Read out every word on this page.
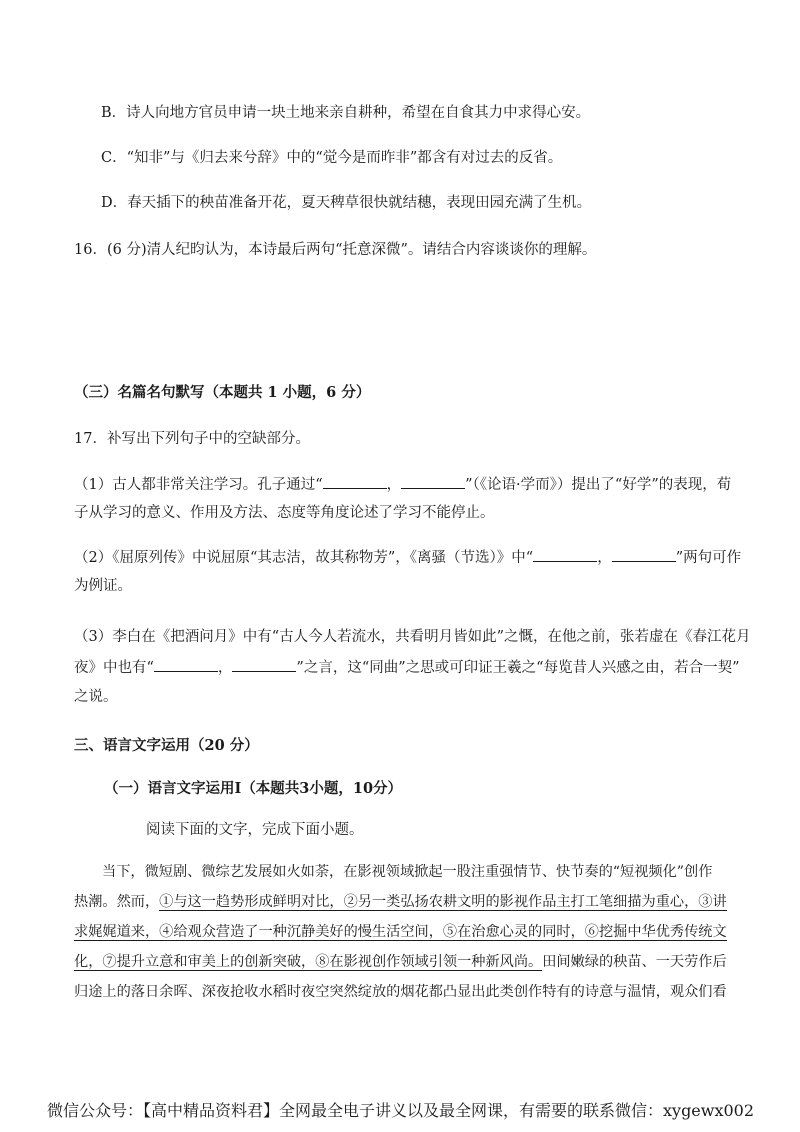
B．诗人向地方官员申请一块土地来亲自耕种，希望在自食其力中求得心安。
C．“知非”与《归去来兮辞》中的“觉今是而昨非”都含有对过去的反省。
D．春天插下的秧苗准备开花，夏天稗草很快就结穗，表现田园充满了生机。
16．(6 分)清人纪昀认为，本诗最后两句“托意深微”。请结合内容谈谈你的理解。
（三）名篇名句默写（本题共 1 小题，6 分）
17．补写出下列句子中的空缺部分。
（1）古人都非常关注学习。孔子通过“	，	”（《论语·学而》）提出了“好学”的表现，荀
子从学习的意义、作用及方法、态度等角度论述了学习不能停止。
（2）《屈原列传》中说屈原“其志洁，故其称物芳”，《离骚（节选）》中“	，	”两句可作
为例证。
（3）李白在《把酒问月》中有“古人今人若流水，共看明月皆如此”之慨，在他之前，张若虚在《春江花月
夜》中也有“	，	”之言，这“同曲”之思或可印证王羲之“每览昔人兴感之由，若合一契”
之说。
三、语言文字运用（20 分）
（一）语言文字运用Ⅰ（本题共3小题，10分）
阅读下面的文字，完成下面小题。
当下，微短剧、微综艺发展如火如荼，在影视领域掀起一股注重强情节、快节奏的“短视频化”创作
热潮。然而，①与这一趋势形成鲜明对比，②另一类弘扬农耕文明的影视作品主打工笔细描为重心，③讲
求娓娓道来，④给观众营造了一种沉静美好的慢生活空间，⑤在治愈心灵的同时，⑥挖掘中华优秀传统文
化，⑦提升立意和审美上的创新突破，⑧在影视创作领域引领一种新风尚。田间嫩绿的秧苗、一天劳作后
归途上的落日余晖、深夜抢收水稻时夜空突然绽放的烟花都凸显出此类创作特有的诗意与温情，观众们看
微信公众号：【高中精品资料君】全网最全电子讲义以及最全网课，有需要的联系微信：xygewx002
